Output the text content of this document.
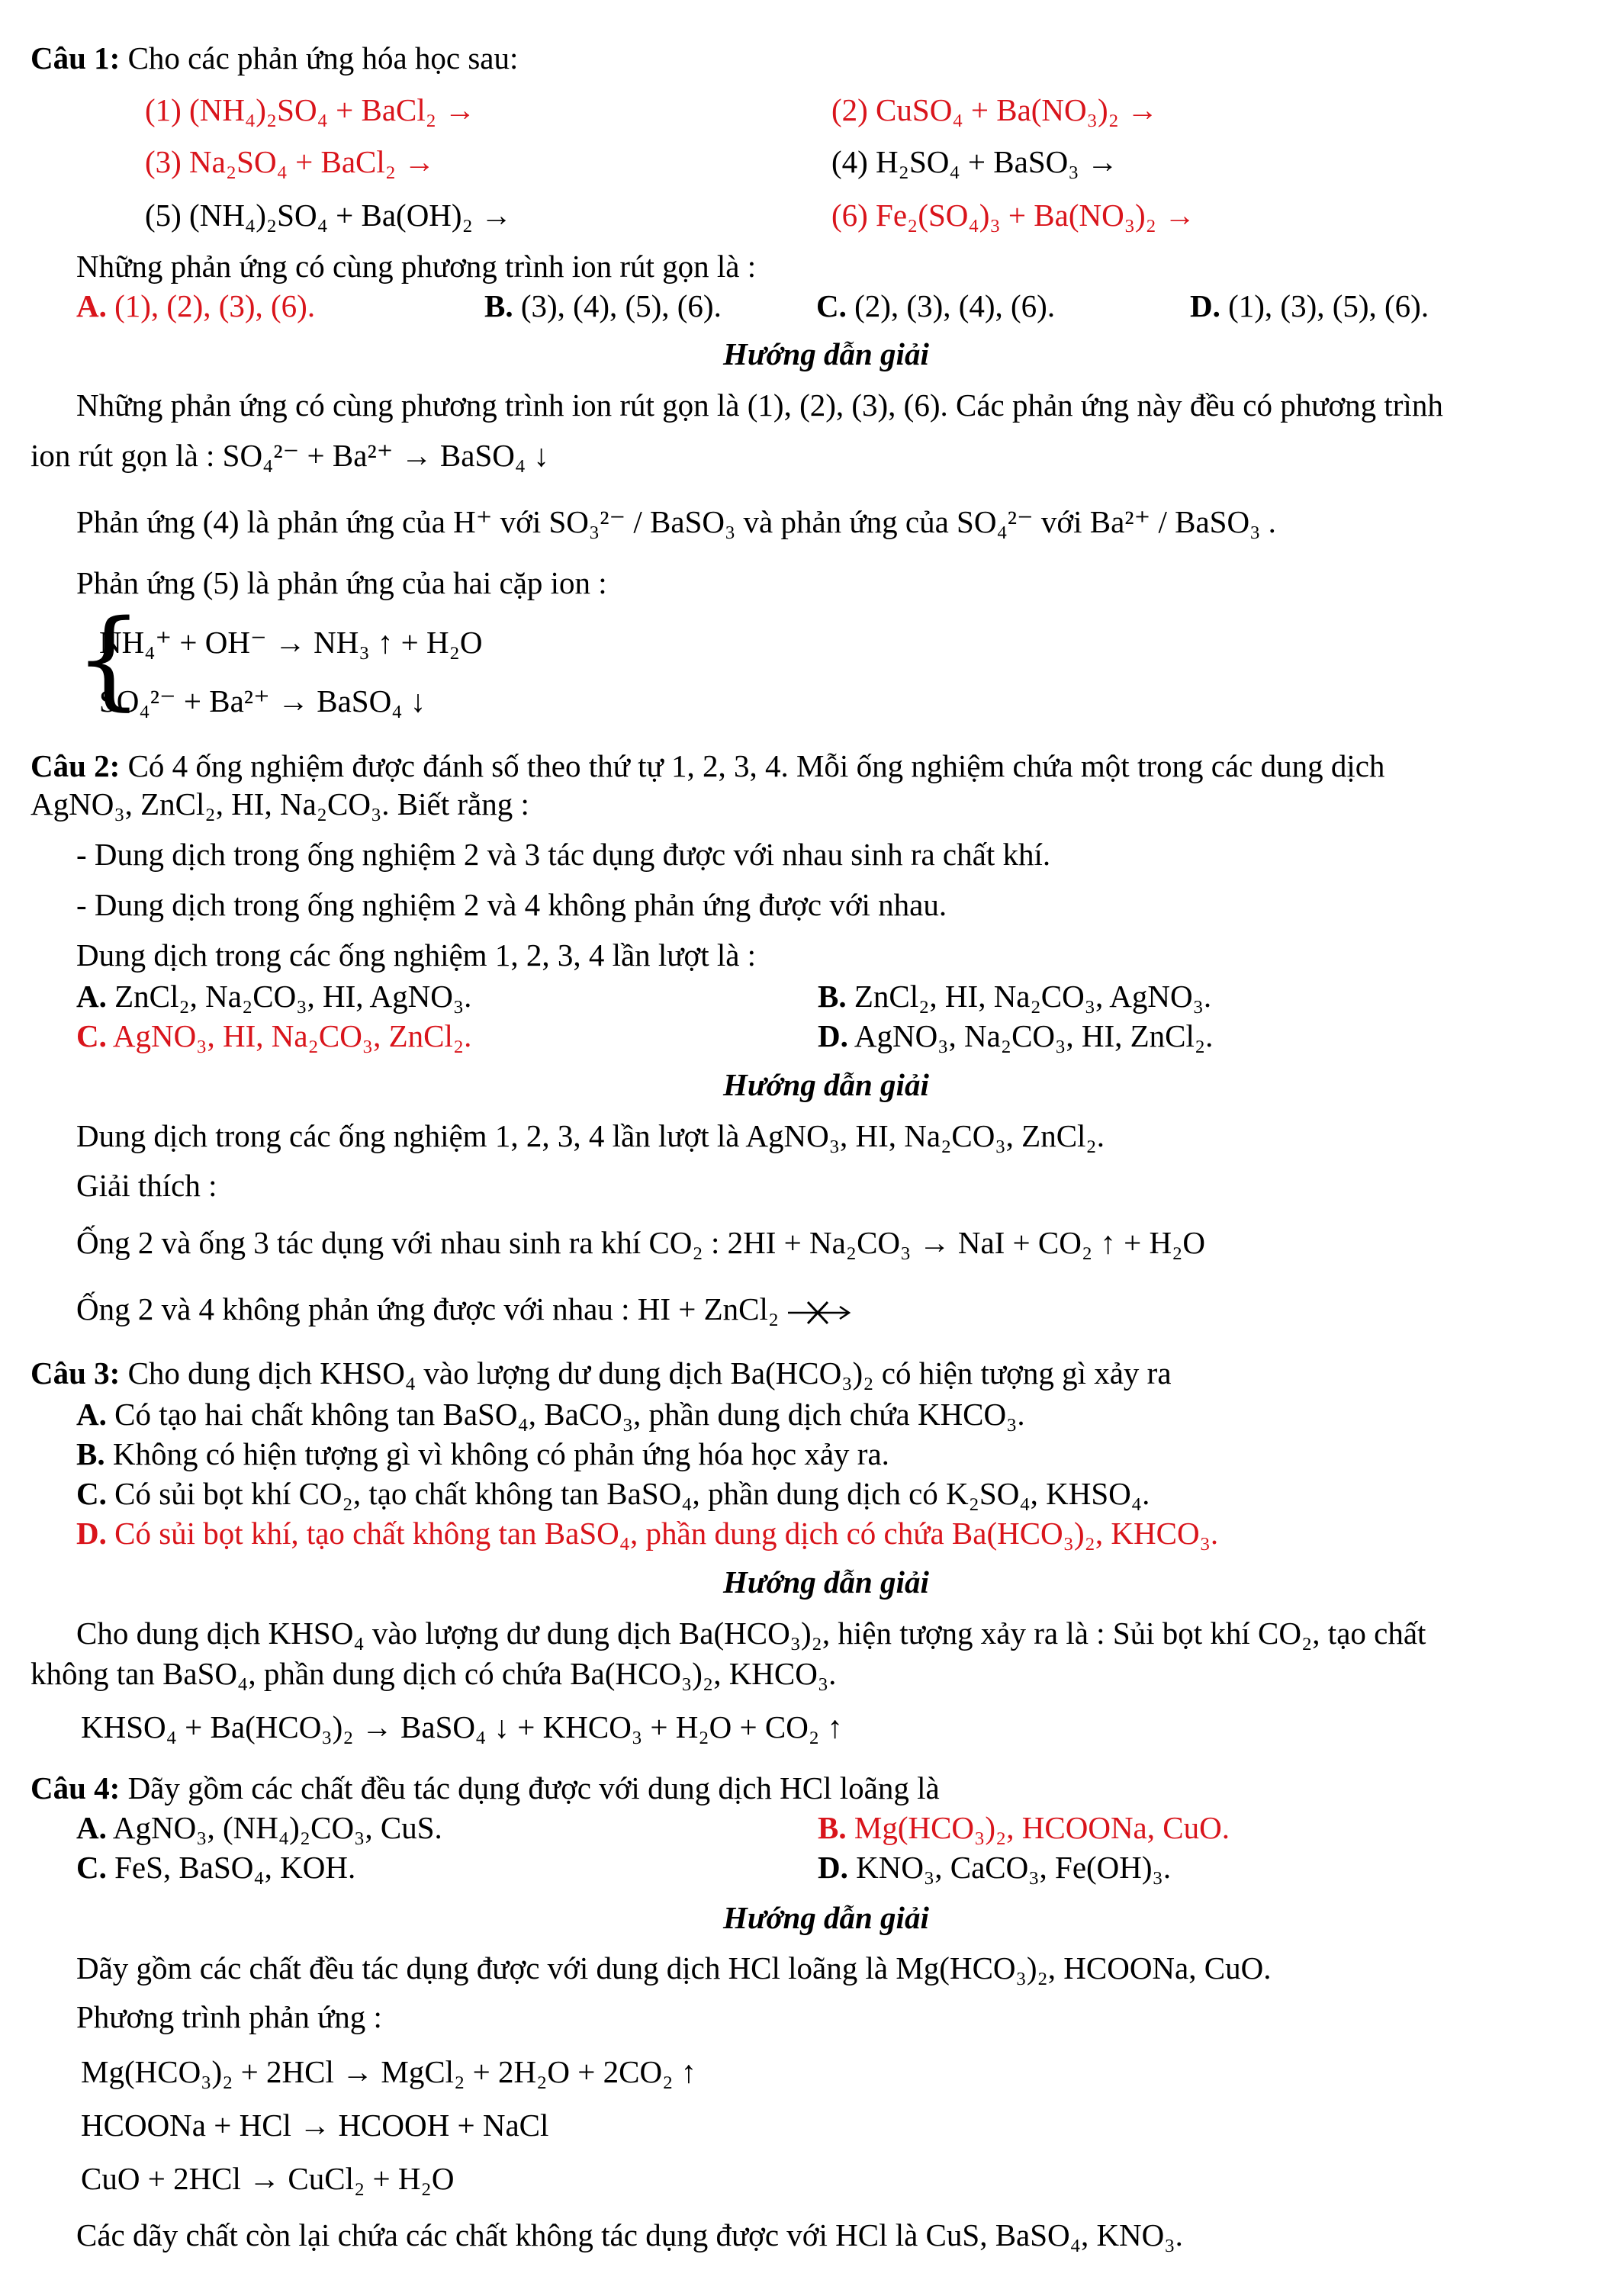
Câu 1: Cho các phản ứng hóa học sau:
(1) (NH₄)₂SO₄ + BaCl₂ →	(2) CuSO₄ + Ba(NO₃)₂ →
(3) Na₂SO₄ + BaCl₂ →	(4) H₂SO₄ + BaSO₃ →
(5) (NH₄)₂SO₄ + Ba(OH)₂ →	(6) Fe₂(SO₄)₃ + Ba(NO₃)₂ →
Những phản ứng có cùng phương trình ion rút gọn là :
A. (1), (2), (3), (6).	B. (3), (4), (5), (6).	C. (2), (3), (4), (6).	D. (1), (3), (5), (6).
Hướng dẫn giải
Những phản ứng có cùng phương trình ion rút gọn là (1), (2), (3), (6). Các phản ứng này đều có phương trình
ion rút gọn là : SO₄²⁻ + Ba²⁺ → BaSO₄ ↓
Phản ứng (4) là phản ứng của H⁺ với SO₃²⁻ / BaSO₃ và phản ứng của SO₄²⁻ với Ba²⁺ / BaSO₃ .
Phản ứng (5) là phản ứng của hai cặp ion :
{
NH₄⁺ + OH⁻ → NH₃ ↑ + H₂O
SO₄²⁻ + Ba²⁺ → BaSO₄ ↓
Câu 2: Có 4 ống nghiệm được đánh số theo thứ tự 1, 2, 3, 4. Mỗi ống nghiệm chứa một trong các dung dịch
AgNO₃, ZnCl₂, HI, Na₂CO₃. Biết rằng :
- Dung dịch trong ống nghiệm 2 và 3 tác dụng được với nhau sinh ra chất khí.
- Dung dịch trong ống nghiệm 2 và 4 không phản ứng được với nhau.
Dung dịch trong các ống nghiệm 1, 2, 3, 4 lần lượt là :
A. ZnCl₂, Na₂CO₃, HI, AgNO₃.	B. ZnCl₂, HI, Na₂CO₃, AgNO₃.
C. AgNO₃, HI, Na₂CO₃, ZnCl₂.	D. AgNO₃, Na₂CO₃, HI, ZnCl₂.
Hướng dẫn giải
Dung dịch trong các ống nghiệm 1, 2, 3, 4 lần lượt là AgNO₃, HI, Na₂CO₃, ZnCl₂.
Giải thích :
Ống 2 và ống 3 tác dụng với nhau sinh ra khí CO₂ : 2HI + Na₂CO₃ → NaI + CO₂ ↑ + H₂O
Ống 2 và 4 không phản ứng được với nhau : HI + ZnCl₂
Câu 3: Cho dung dịch KHSO₄ vào lượng dư dung dịch Ba(HCO₃)₂ có hiện tượng gì xảy ra
A. Có tạo hai chất không tan BaSO₄, BaCO₃, phần dung dịch chứa KHCO₃.
B. Không có hiện tượng gì vì không có phản ứng hóa học xảy ra.
C. Có sủi bọt khí CO₂, tạo chất không tan BaSO₄, phần dung dịch có K₂SO₄, KHSO₄.
D. Có sủi bọt khí, tạo chất không tan BaSO₄, phần dung dịch có chứa Ba(HCO₃)₂, KHCO₃.
Hướng dẫn giải
Cho dung dịch KHSO₄ vào lượng dư dung dịch Ba(HCO₃)₂, hiện tượng xảy ra là : Sủi bọt khí CO₂, tạo chất
không tan BaSO₄, phần dung dịch có chứa Ba(HCO₃)₂, KHCO₃.
KHSO₄ + Ba(HCO₃)₂ → BaSO₄ ↓ + KHCO₃ + H₂O + CO₂ ↑
Câu 4: Dãy gồm các chất đều tác dụng được với dung dịch HCl loãng là
A. AgNO₃, (NH₄)₂CO₃, CuS.	B. Mg(HCO₃)₂, HCOONa, CuO.
C. FeS, BaSO₄, KOH.	D. KNO₃, CaCO₃, Fe(OH)₃.
Hướng dẫn giải
Dãy gồm các chất đều tác dụng được với dung dịch HCl loãng là Mg(HCO₃)₂, HCOONa, CuO.
Phương trình phản ứng :
Mg(HCO₃)₂ + 2HCl → MgCl₂ + 2H₂O + 2CO₂ ↑
HCOONa + HCl → HCOOH + NaCl
CuO + 2HCl → CuCl₂ + H₂O
Các dãy chất còn lại chứa các chất không tác dụng được với HCl là CuS, BaSO₄, KNO₃.
